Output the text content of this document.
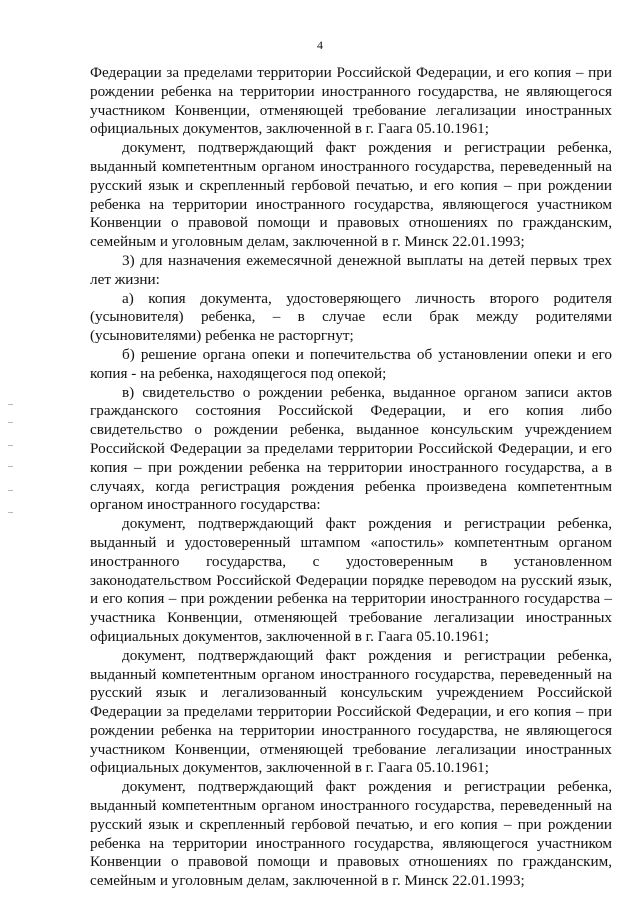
4

Федерации за пределами территории Российской Федерации, и его копия – при рождении ребенка на территории иностранного государства, не являющегося участником Конвенции, отменяющей требование легализации иностранных официальных документов, заключенной в г. Гаага 05.10.1961;

документ, подтверждающий факт рождения и регистрации ребенка, выданный компетентным органом иностранного государства, переведенный на русский язык и скрепленный гербовой печатью, и его копия – при рождении ребенка на территории иностранного государства, являющегося участником Конвенции о правовой помощи и правовых отношениях по гражданским, семейным и уголовным делам, заключенной в г. Минск 22.01.1993;

3) для назначения ежемесячной денежной выплаты на детей первых трех лет жизни:

а) копия документа, удостоверяющего личность второго родителя (усыновителя) ребенка, – в случае если брак между родителями (усыновителями) ребенка не расторгнут;

б) решение органа опеки и попечительства об установлении опеки и его копия - на ребенка, находящегося под опекой;

в) свидетельство о рождении ребенка, выданное органом записи актов гражданского состояния Российской Федерации, и его копия либо свидетельство о рождении ребенка, выданное консульским учреждением Российской Федерации за пределами территории Российской Федерации, и его копия – при рождении ребенка на территории иностранного государства, а в случаях, когда регистрация рождения ребенка произведена компетентным органом иностранного государства:

документ, подтверждающий факт рождения и регистрации ребенка, выданный и удостоверенный штампом «апостиль» компетентным органом иностранного государства, с удостоверенным в установленном законодательством Российской Федерации порядке переводом на русский язык, и его копия – при рождении ребенка на территории иностранного государства – участника Конвенции, отменяющей требование легализации иностранных официальных документов, заключенной в г. Гаага 05.10.1961;

документ, подтверждающий факт рождения и регистрации ребенка, выданный компетентным органом иностранного государства, переведенный на русский язык и легализованный консульским учреждением Российской Федерации за пределами территории Российской Федерации, и его копия – при рождении ребенка на территории иностранного государства, не являющегося участником Конвенции, отменяющей требование легализации иностранных официальных документов, заключенной в г. Гаага 05.10.1961;

документ, подтверждающий факт рождения и регистрации ребенка, выданный компетентным органом иностранного государства, переведенный на русский язык и скрепленный гербовой печатью, и его копия – при рождении ребенка на территории иностранного государства, являющегося участником Конвенции о правовой помощи и правовых отношениях по гражданским, семейным и уголовным делам, заключенной в г. Минск 22.01.1993;
